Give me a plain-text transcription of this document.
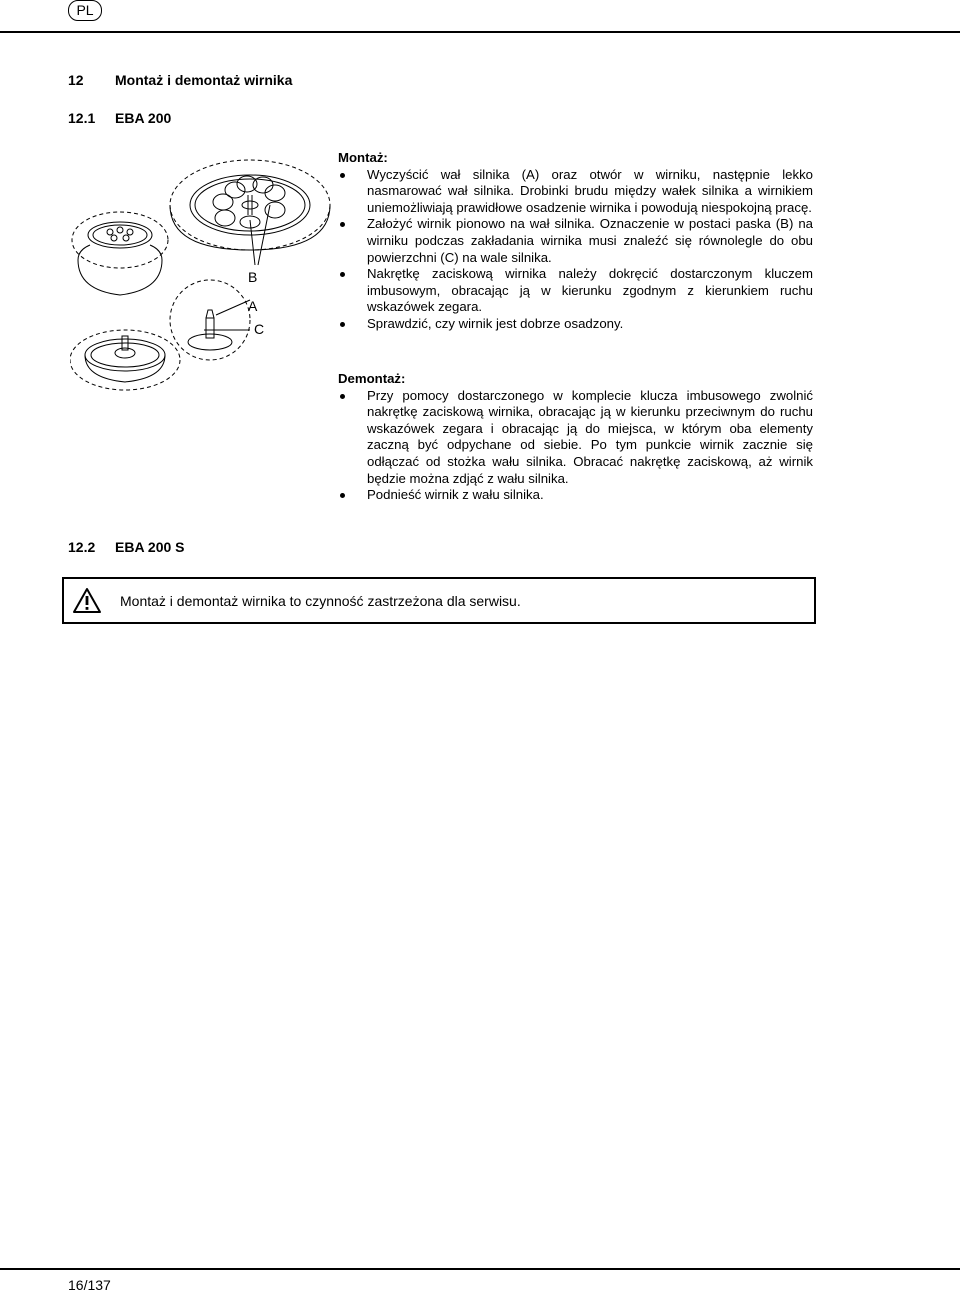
PL
12	Montaż i demontaż wirnika
12.1	EBA 200
B
A
C
Montaż:
Wyczyścić wał silnika (A) oraz otwór w wirniku, następnie lekko nasmarować wał silnika. Drobinki brudu między wałek silnika a wirnikiem uniemożliwiają prawidłowe osadzenie wirnika i powodują niespokojną pracę.
Założyć wirnik pionowo na wał silnika. Oznaczenie w postaci paska (B) na wirniku podczas zakładania wirnika musi znaleźć się równolegle do obu powierzchni (C) na wale silnika.
Nakrętkę zaciskową wirnika należy dokręcić dostarczonym kluczem imbusowym, obracając ją w kierunku zgodnym z kierunkiem ruchu wskazówek zegara.
Sprawdzić, czy wirnik jest dobrze osadzony.
Demontaż:
Przy pomocy dostarczonego w komplecie klucza imbusowego zwolnić nakrętkę zaciskową wirnika, obracając ją w kierunku przeciwnym do ruchu wskazówek zegara i obracając ją do miejsca, w którym oba elementy zaczną być odpychane od siebie. Po tym punkcie wirnik zacznie się odłączać od stożka wału silnika. Obracać nakrętkę zaciskową, aż wirnik będzie można zdjąć z wału silnika.
Podnieść wirnik z wału silnika.
12.2	EBA 200 S
Montaż i demontaż wirnika to czynność zastrzeżona dla serwisu.
16/137
